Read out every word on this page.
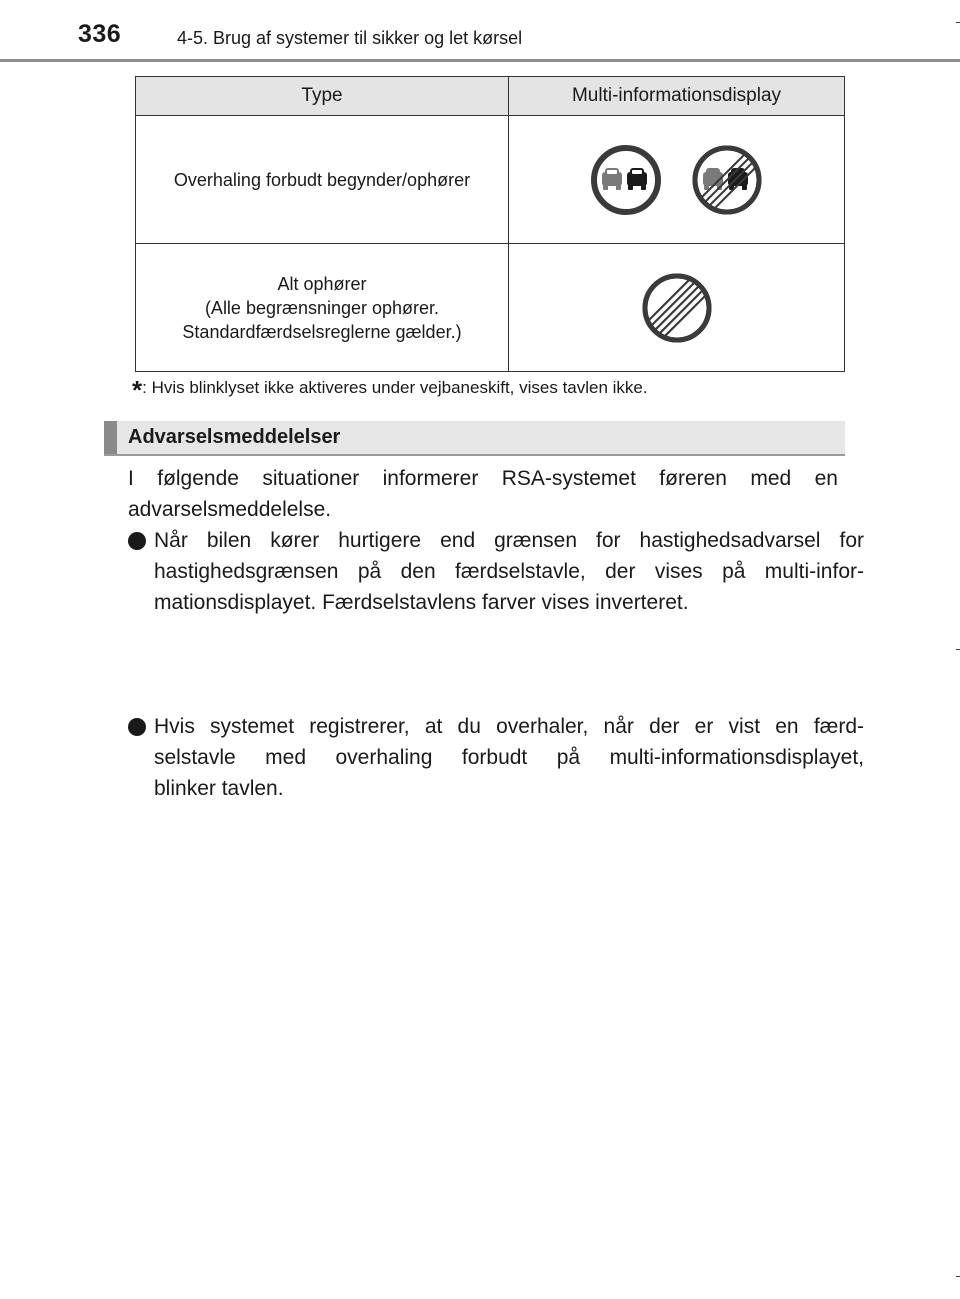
336	4-5. Brug af systemer til sikker og let kørsel
Type	Multi-informationsdisplay
Overhaling forbudt begynder/ophører	

Alt ophører
(Alle begrænsninger ophører.
Standardfærdselsreglerne gælder.)

*: Hvis blinklyset ikke aktiveres under vejbaneskift, vises tavlen ikke.
Advarselsmeddelelser

I følgende situationer informerer RSA-systemet føreren med en

advarselsmeddelelse.

Når bilen kører hurtigere end grænsen for hastighedsadvarsel for

hastighedsgrænsen på den færdselstavle, der vises på multi-infor-

mationsdisplayet. Færdselstavlens farver vises inverteret.

Hvis systemet registrerer, at du overhaler, når der er vist en færd-

selstavle med overhaling forbudt på multi-informationsdisplayet,

blinker tavlen.
